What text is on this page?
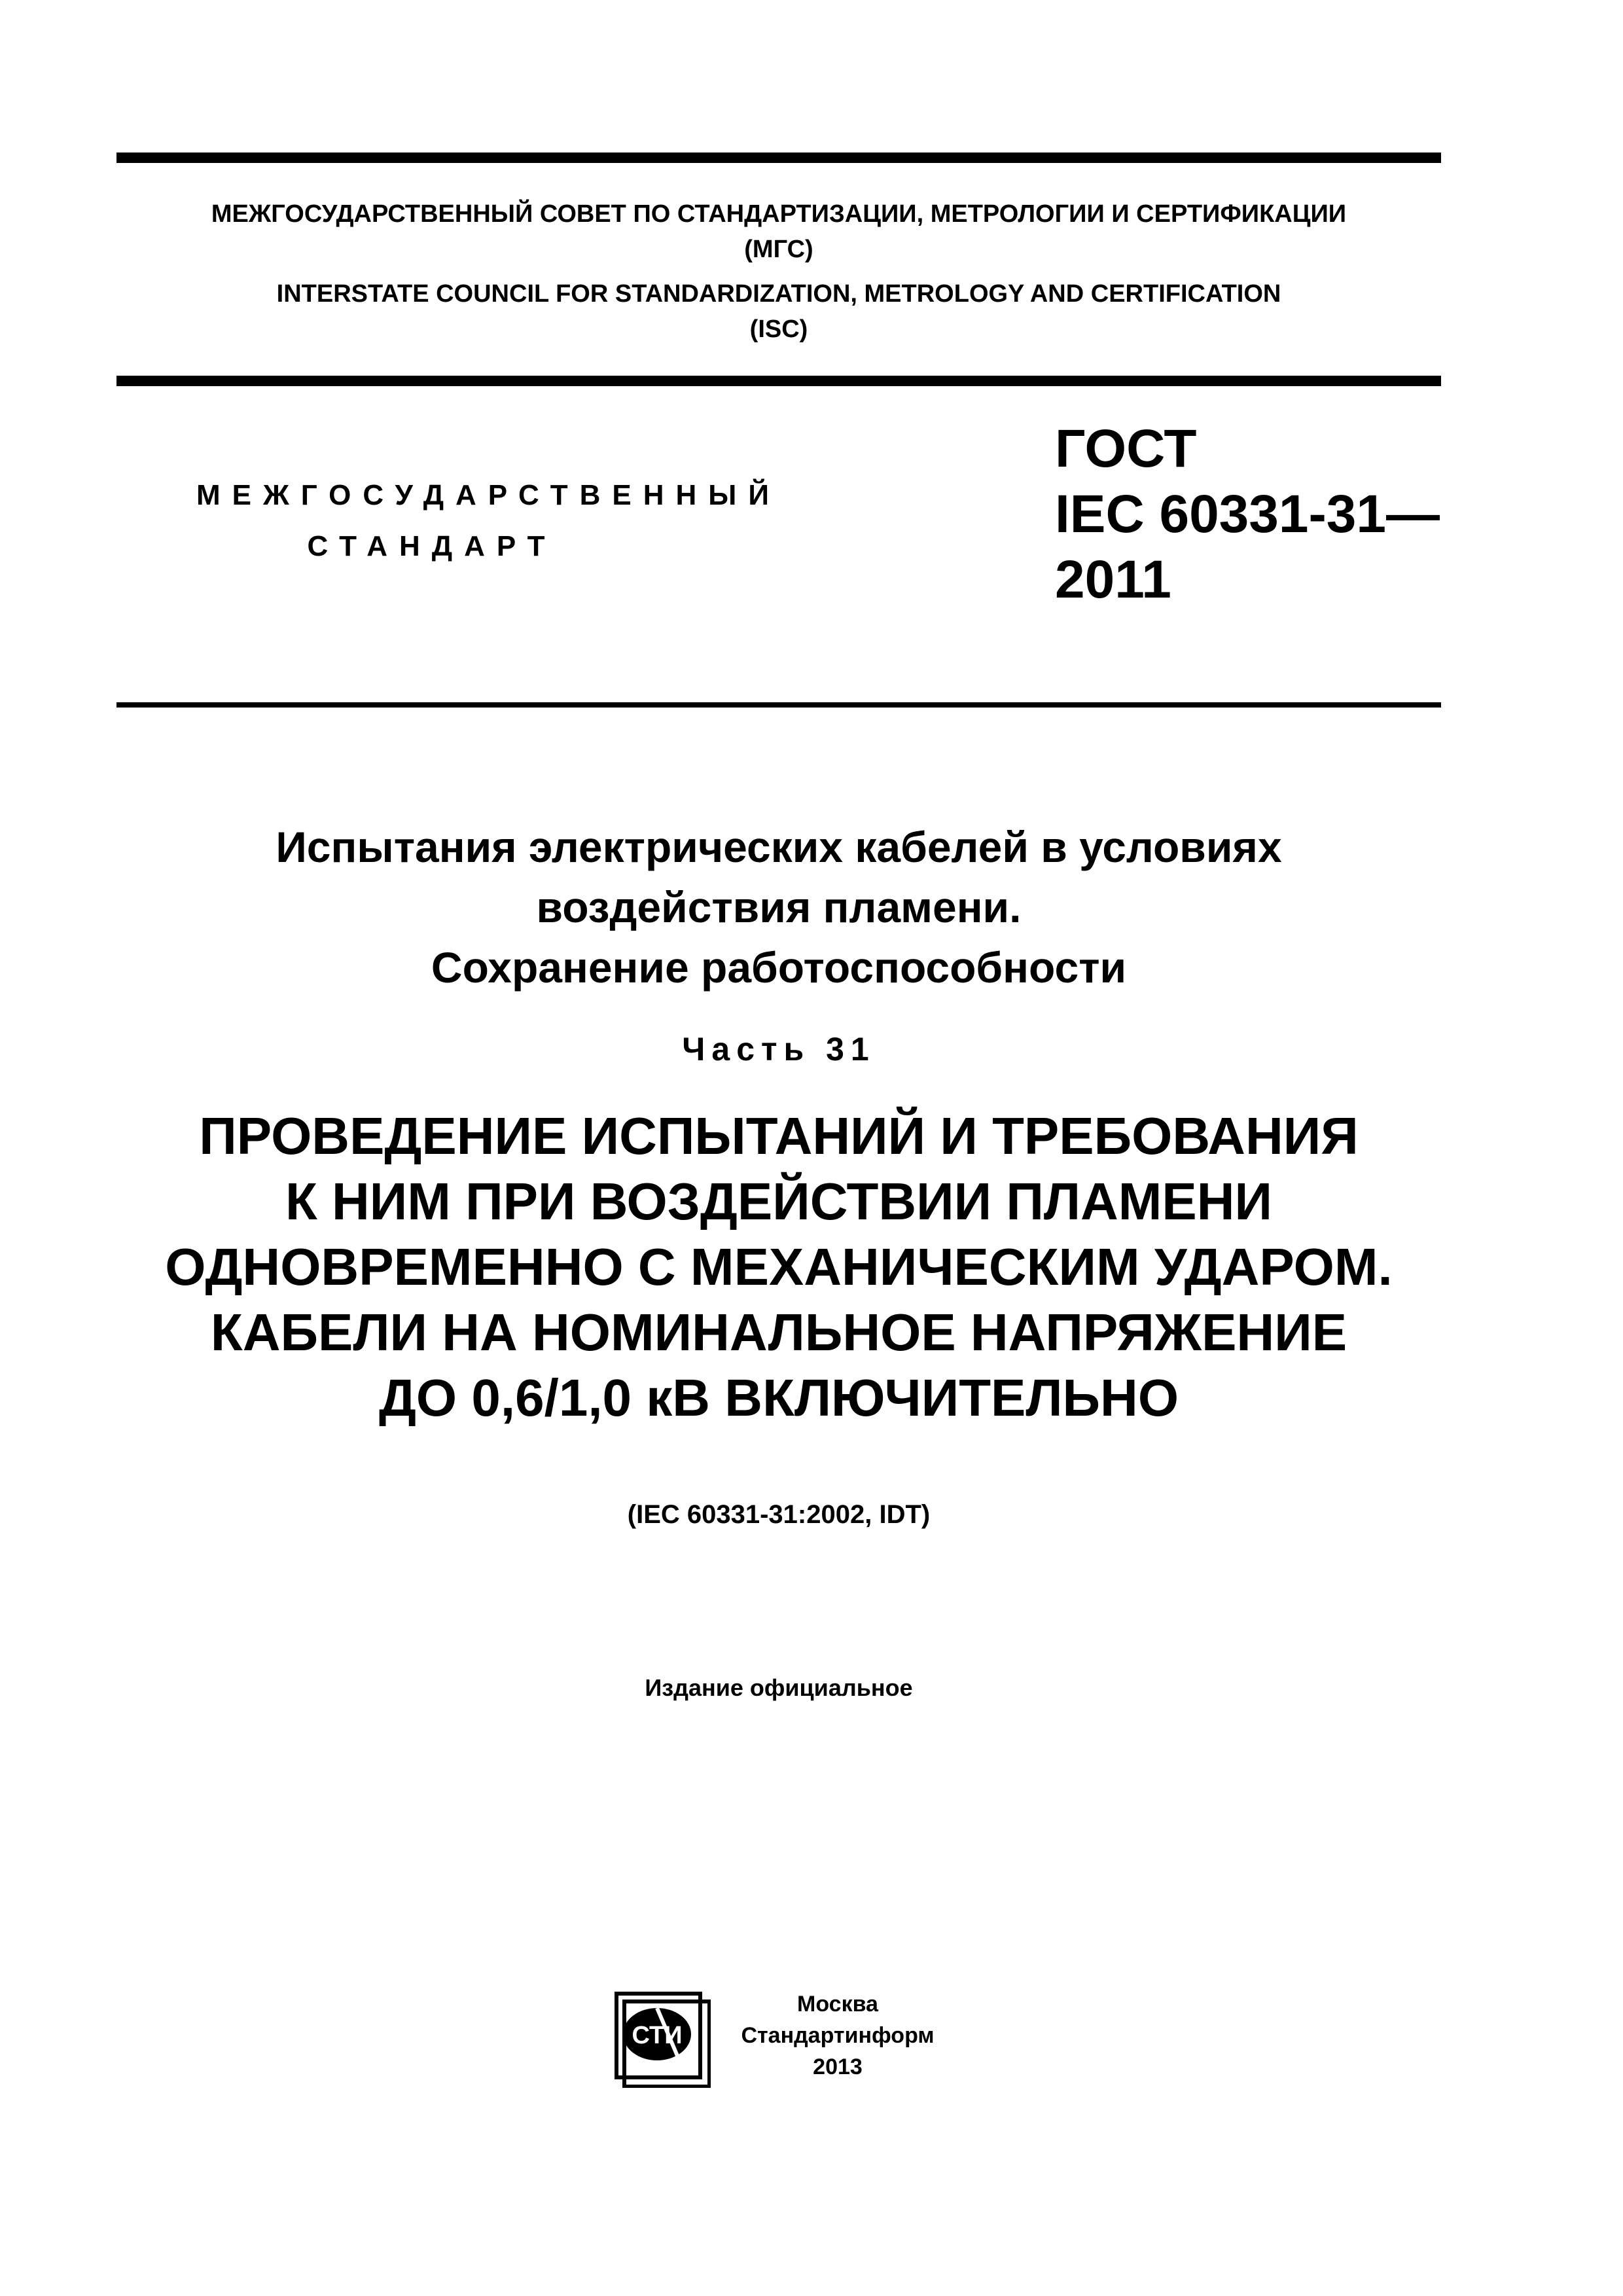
МЕЖГОСУДАРСТВЕННЫЙ СОВЕТ ПО СТАНДАРТИЗАЦИИ, МЕТРОЛОГИИ И СЕРТИФИКАЦИИ
(МГС)
INTERSTATE COUNCIL FOR STANDARDIZATION, METROLOGY AND CERTIFICATION
(ISC)
МЕЖГОСУДАРСТВЕННЫЙ
СТАНДАРТ
ГОСТ
IEC 60331-31—
2011
Испытания электрических кабелей в условиях
воздействия пламени.
Сохранение работоспособности
Часть 31
ПРОВЕДЕНИЕ ИСПЫТАНИЙ И ТРЕБОВАНИЯ
К НИМ ПРИ ВОЗДЕЙСТВИИ ПЛАМЕНИ
ОДНОВРЕМЕННО С МЕХАНИЧЕСКИМ УДАРОМ.
КАБЕЛИ НА НОМИНАЛЬНОЕ НАПРЯЖЕНИЕ
ДО 0,6/1,0 кВ ВКЛЮЧИТЕЛЬНО
(IEC 60331-31:2002, IDT)
Издание официальное
СТИ
Москва
Стандартинформ
2013
